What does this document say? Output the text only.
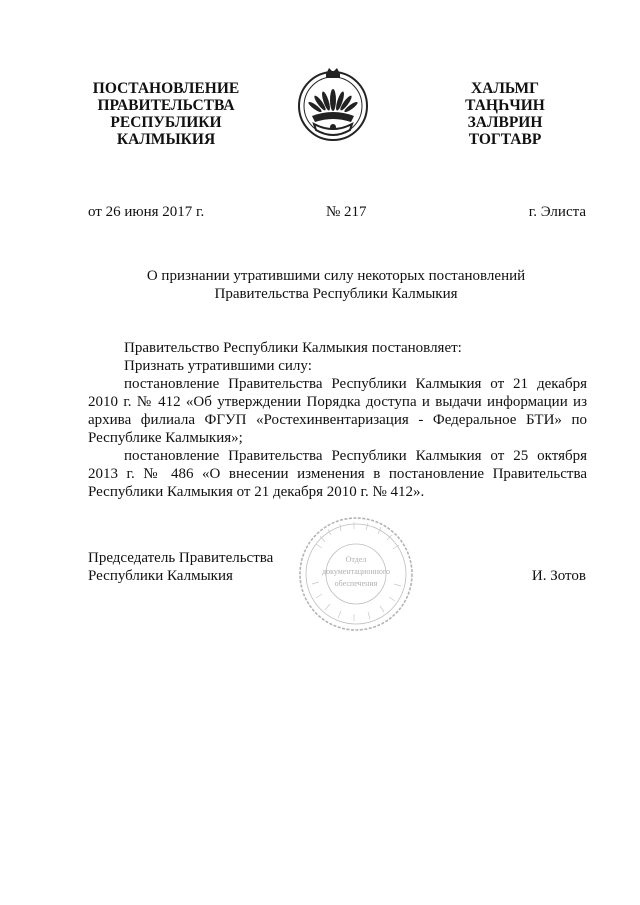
ПОСТАНОВЛЕНИЕ
ПРАВИТЕЛЬСТВА
РЕСПУБЛИКИ
КАЛМЫКИЯ
ХАЛЬМГ
ТАҢҺЧИН
ЗАЛВРИН
ТОГТАВР
от 26 июня 2017 г.	№ 217	г. Элиста
О признании утратившими силу некоторых постановлений
Правительства Республики Калмыкия
Правительство Республики Калмыкия постановляет:
Признать утратившими силу:
постановление Правительства Республики Калмыкия от 21 декабря 2010 г. № 412 «Об утверждении Порядка доступа и выдачи информации из архива филиала ФГУП «Ростехинвентаризация - Федеральное БТИ» по Республике Калмыкия»;
постановление Правительства Республики Калмыкия от 25 октября 2013 г. № 486 «О внесении изменения в постановление Правительства Республики Калмыкия от 21 декабря 2010 г. № 412».
Председатель Правительства
Республики Калмыкия
Отдел
документационного
обеспечения	И. Зотов
